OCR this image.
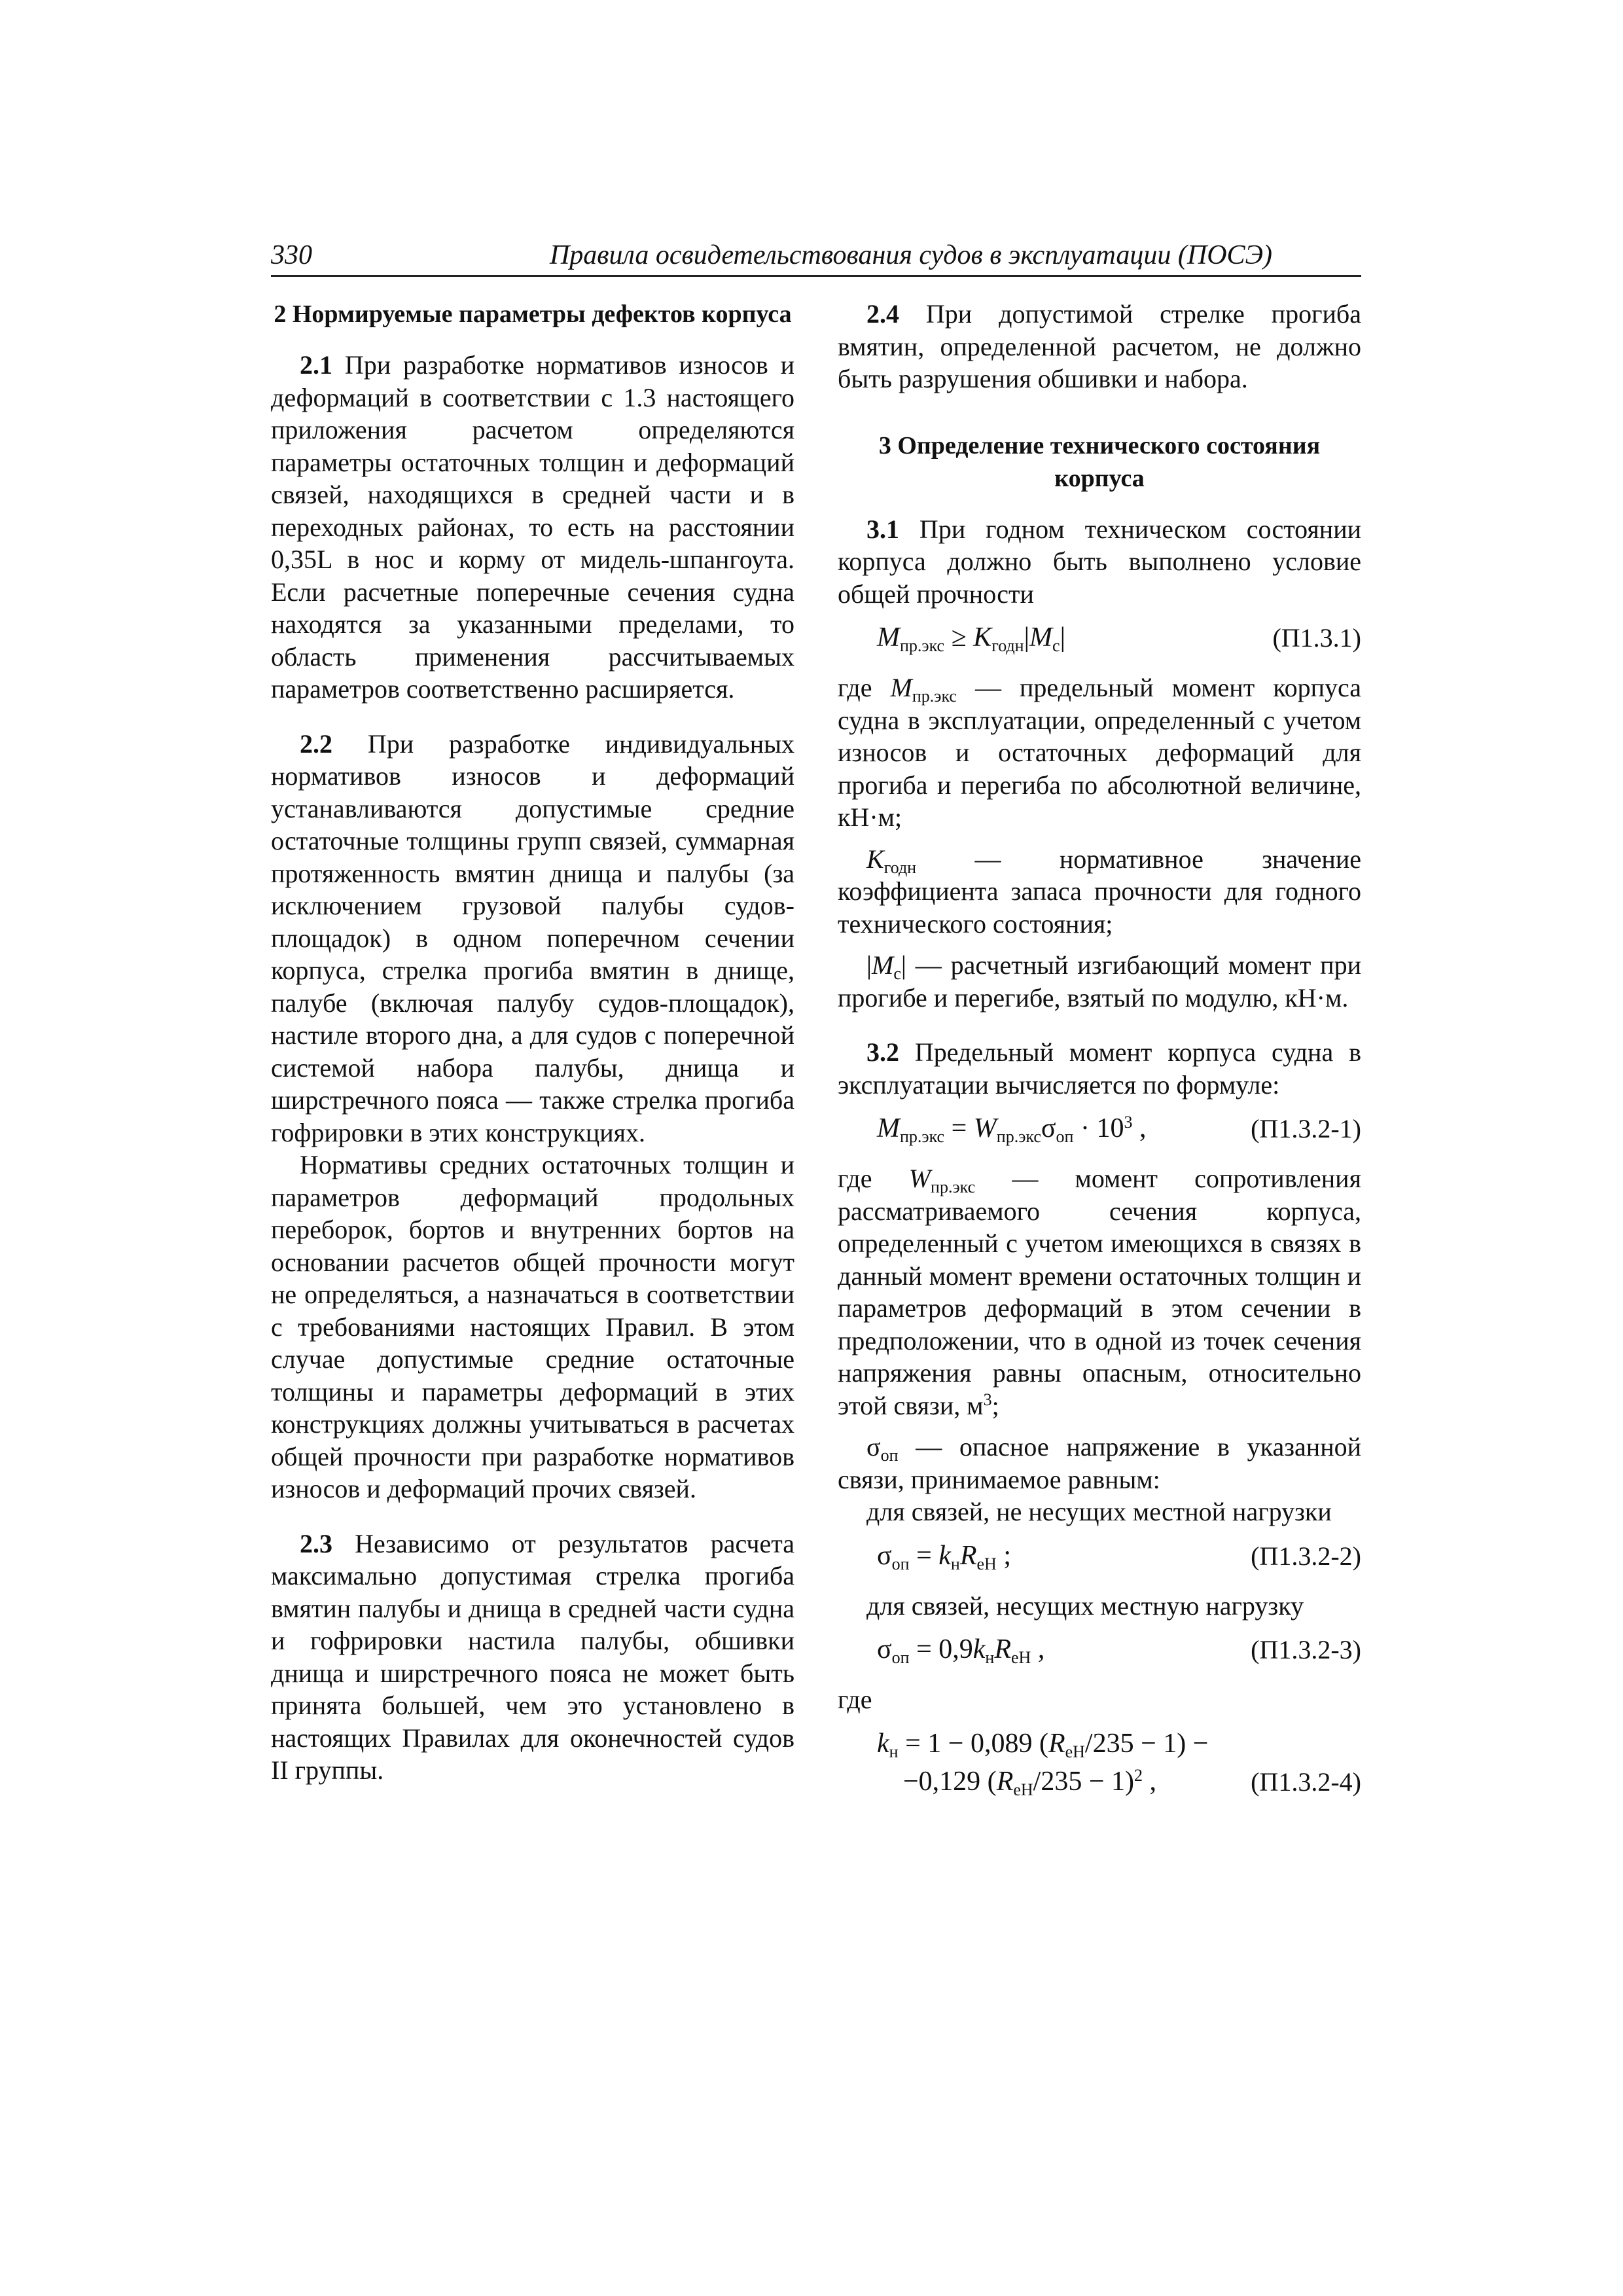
330	Правила освидетельствования судов в эксплуатации (ПОСЭ)
2 Нормируемые параметры дефектов корпуса

2.1 При разработке нормативов износов и деформаций в соответствии с 1.3 настоящего приложения расчетом определяются параметры остаточных толщин и деформаций связей, находящихся в средней части и в переходных районах, то есть на расстоянии 0,35L в нос и корму от мидель-шпангоута. Если расчетные поперечные сечения судна находятся за указанными пределами, то область применения рассчитываемых параметров соответственно расширяется.

2.2 При разработке индивидуальных нормативов износов и деформаций устанавливаются допустимые средние остаточные толщины групп связей, суммарная протяженность вмятин днища и палубы (за исключением грузовой палубы судов-площадок) в одном поперечном сечении корпуса, стрелка прогиба вмятин в днище, палубе (включая палубу судов-площадок), настиле второго дна, а для судов с поперечной системой набора палубы, днища и ширстречного пояса — также стрелка прогиба гофрировки в этих конструкциях.

Нормативы средних остаточных толщин и параметров деформаций продольных переборок, бортов и внутренних бортов на основании расчетов общей прочности могут не определяться, а назначаться в соответствии с требованиями настоящих Правил. В этом случае допустимые средние остаточные толщины и параметры деформаций в этих конструкциях должны учитываться в расчетах общей прочности при разработке нормативов износов и деформаций прочих связей.

2.3 Независимо от результатов расчета максимально допустимая стрелка прогиба вмятин палубы и днища в средней части судна и гофрировки настила палубы, обшивки днища и ширстречного пояса не может быть принята большей, чем это установлено в настоящих Правилах для оконечностей судов II группы.

2.4 При допустимой стрелке прогиба вмятин, определенной расчетом, не должно быть разрушения обшивки и набора.

3 Определение технического состояния корпуса

3.1 При годном техническом состоянии корпуса должно быть выполнено условие общей прочности

$M_{пр.экс} \ge K_{годн}|M_с|$	(П1.3.1)

где $M_{пр.экс}$ — предельный момент корпуса судна в эксплуатации, определенный с учетом износов и остаточных деформаций для прогиба и перегиба по абсолютной величине, кН·м;

$K_{годн}$ — нормативное значение коэффициента запаса прочности для годного технического состояния;

$|M_с|$ — расчетный изгибающий момент при прогибе и перегибе, взятый по модулю, кН·м.

3.2 Предельный момент корпуса судна в эксплуатации вычисляется по формуле:

$M_{пр.экс} = W_{пр.экс}\sigma_{оп} \cdot 10^3$ ,	(П1.3.2-1)

где $W_{пр.экс}$ — момент сопротивления рассматриваемого сечения корпуса, определенный с учетом имеющихся в связях в данный момент времени остаточных толщин и параметров деформаций в этом сечении в предположении, что в одной из точек сечения напряжения равны опасным, относительно этой связи, $м^3$;

$\sigma_{оп}$ — опасное напряжение в указанной связи, принимаемое равным:

для связей, не несущих местной нагрузки

$\sigma_{оп} = k_нR_{eH}$ ;	(П1.3.2-2)

для связей, несущих местную нагрузку

$\sigma_{оп} = 0,9k_нR_{eH}$ ,	(П1.3.2-3)

где

$k_н = 1 - 0,089$ $(R_{eH}/235 - 1)$ −
−0,129 $(R_{eH}/235 - 1)^2$ ,	(П1.3.2-4)
